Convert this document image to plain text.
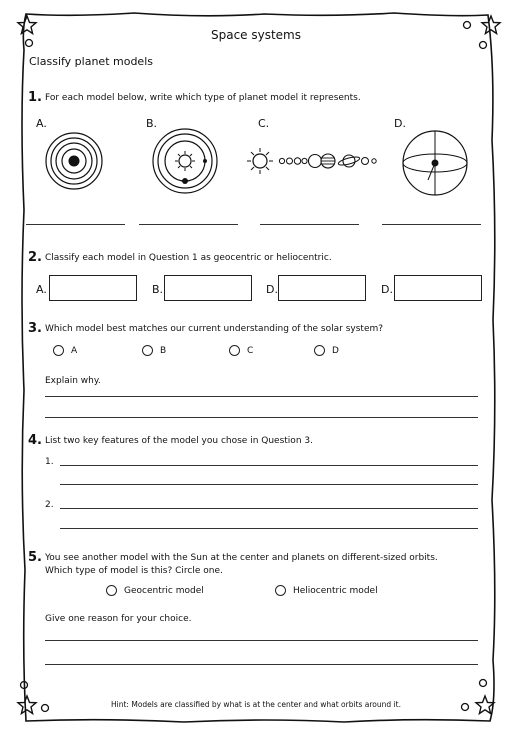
Space systems
Classify planet models
1. For each model below, write which type of planet model it represents.
A.	B.	C.	D.
2. Classify each model in Question 1 as geocentric or heliocentric.
A.	B.	D.	D.
3. Which model best matches our current understanding of the solar system?
A	B	C	D
Explain why.
4. List two key features of the model you chose in Question 3.
1.
2.
5. You see another model with the Sun at the center and planets on different-sized orbits.
Which type of model is this? Circle one.
Geocentric model	Heliocentric model
Give one reason for your choice.
Hint: Models are classified by what is at the center and what orbits around it.
